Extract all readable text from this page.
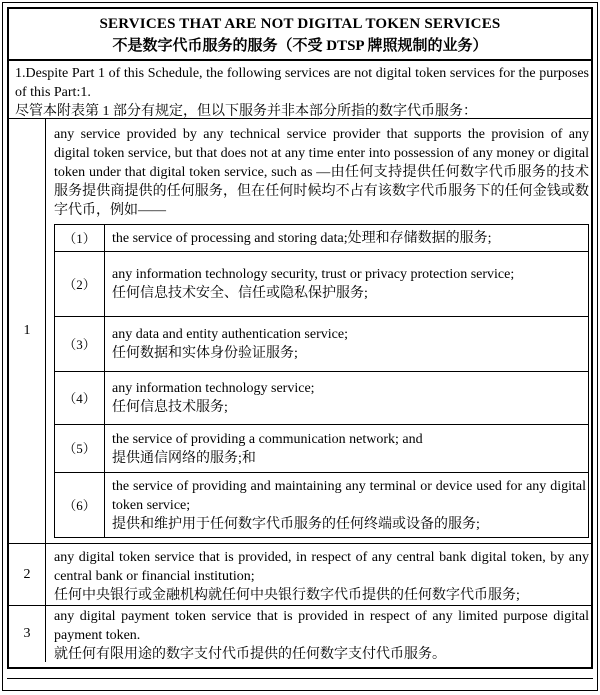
SERVICES THAT ARE NOT DIGITAL TOKEN SERVICES
不是数字代币服务的服务（不受 DTSP 牌照规制的业务）
1.Despite Part 1 of this Schedule, the following services are not digital token services for the purposes of this Part:1.
尽管本附表第 1 部分有规定，但以下服务并非本部分所指的数字代币服务：
1

any service provided by any technical service provider that supports the provision of any digital token service, but that does not at any time enter into possession of any money or digital token under that digital token service, such as —由任何支持提供任何数字代币服务的技术服务提供商提供的任何服务，但在任何时候均不占有该数字代币服务下的任何金钱或数字代币，例如——

（1）	the service of processing and storing data;处理和存储数据的服务;
（2）
any information technology security, trust or privacy protection service;
任何信息技术安全、信任或隐私保护服务;
（3）
any data and entity authentication service;
任何数据和实体身份验证服务;
（4）
any information technology service;
任何信息技术服务;
（5）
the service of providing a communication network; and
提供通信网络的服务;和
（6）
the service of providing and maintaining any terminal or device used for any digital token service;
提供和维护用于任何数字代币服务的任何终端或设备的服务;
2
any digital token service that is provided, in respect of any central bank digital token, by any central bank or financial institution;
任何中央银行或金融机构就任何中央银行数字代币提供的任何数字代币服务;
3
any digital payment token service that is provided in respect of any limited purpose digital payment token.
就任何有限用途的数字支付代币提供的任何数字支付代币服务。
